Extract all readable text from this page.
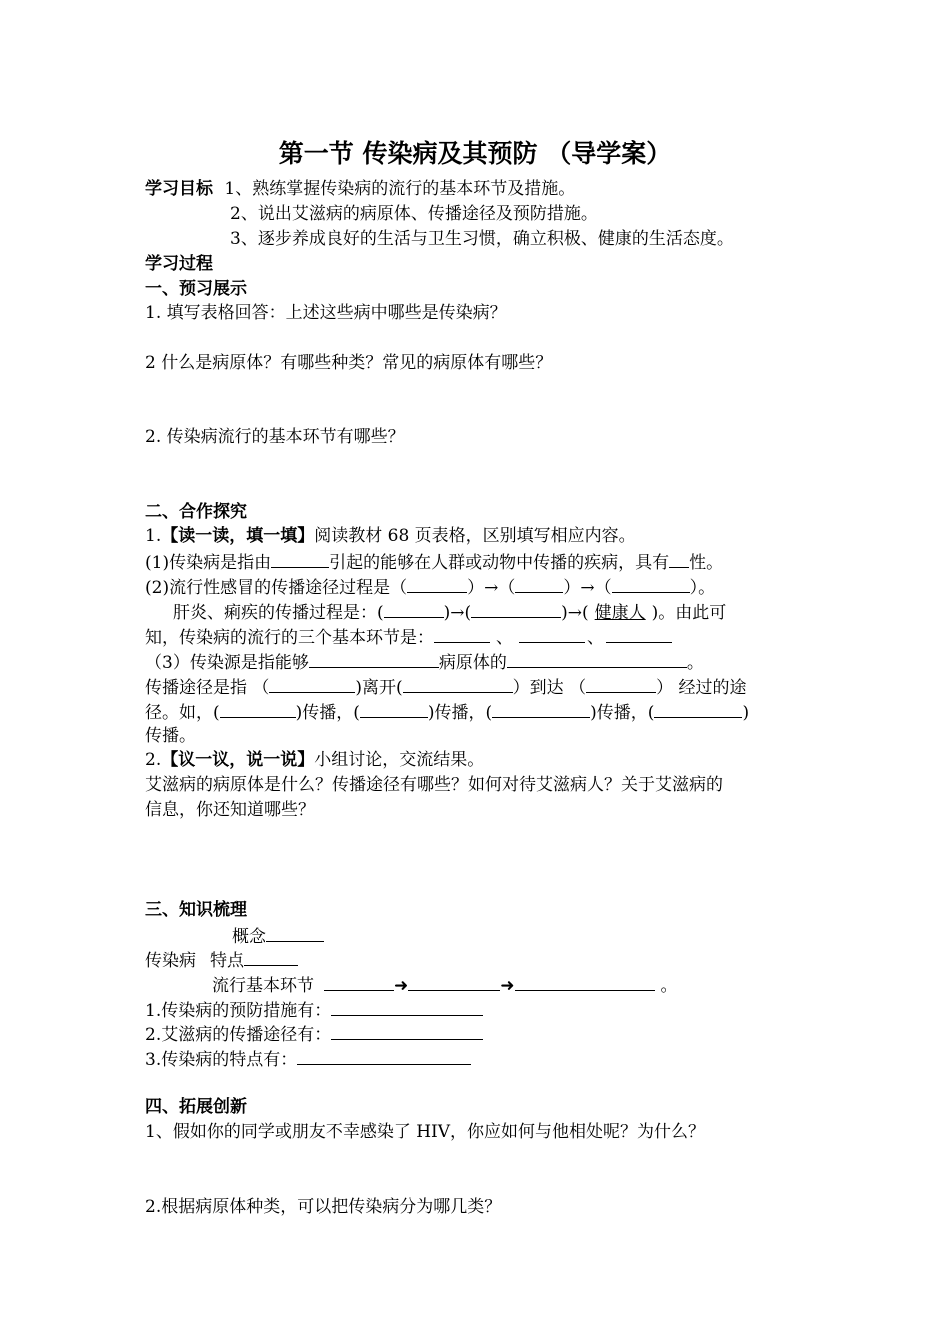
第一节 传染病及其预防 （导学案）
学习目标 1、熟练掌握传染病的流行的基本环节及措施。
2、说出艾滋病的病原体、传播途径及预防措施。
3、逐步养成良好的生活与卫生习惯，确立积极、健康的生活态度。
学习过程
一、预习展示
1. 填写表格回答：上述这些病中哪些是传染病？
2 什么是病原体？有哪些种类？常见的病原体有哪些？
2. 传染病流行的基本环节有哪些？
二、合作探究
1.【读一读，填一填】阅读教材 68 页表格，区别填写相应内容。
(1)传染病是指由	引起的能够在人群或动物中传播的疾病，具有 性。
(2)流行性感冒的传播途径过程是（	）→（	）→（	）。
肝炎、痢疾的传播过程是：(	)→(	)→( 健康人 )。由此可
知，传染病的流行的三个基本环节是：	、	、
（3）传染源是指能够	病原体的	。
传播途径是指 （	)离开(	）到达 （	） 经过的途
径。如，(	)传播，(	)传播，(	)传播，(	)
传播。
2.【议一议，说一说】小组讨论，交流结果。
艾滋病的病原体是什么？传播途径有哪些？如何对待艾滋病人？关于艾滋病的
信息，你还知道哪些？
三、知识梳理
概念
传染病 特点
流行基本环节	➜	➜	。
1.传染病的预防措施有：
2.艾滋病的传播途径有：
3.传染病的特点有：
四、拓展创新
1、假如你的同学或朋友不幸感染了 HIV，你应如何与他相处呢？为什么？
2.根据病原体种类，可以把传染病分为哪几类？
